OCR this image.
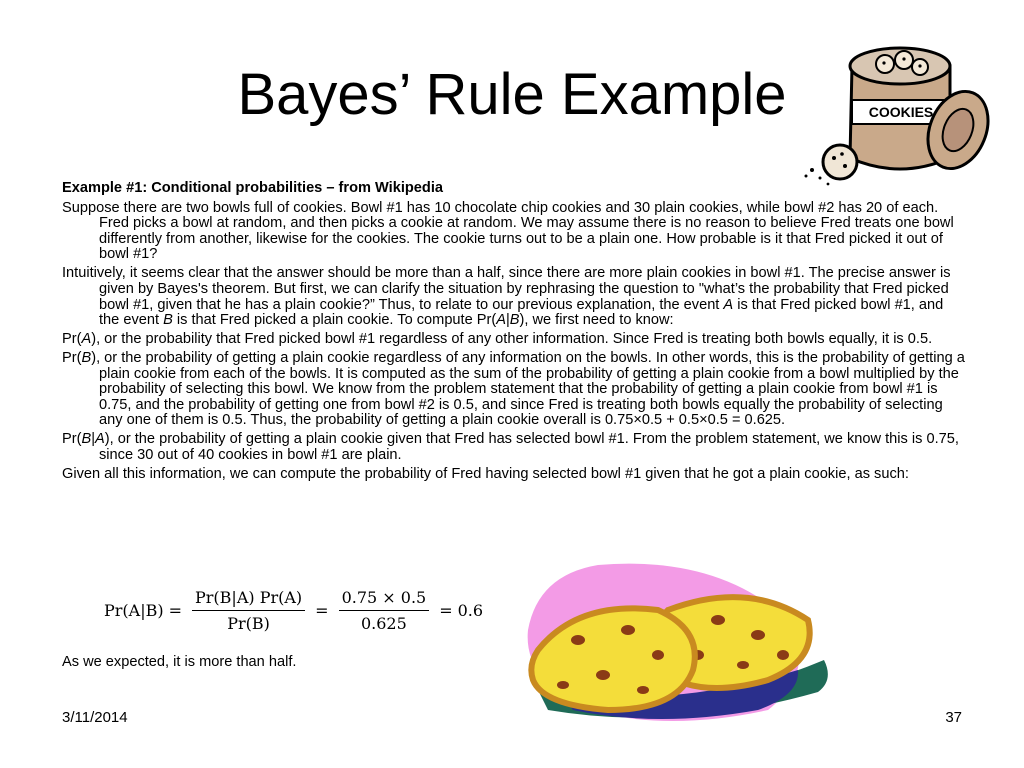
Bayes’ Rule Example	COOKIES

Example #1: Conditional probabilities – from Wikipedia

Suppose there are two bowls full of cookies. Bowl #1 has 10 chocolate chip cookies and 30 plain cookies, while bowl #2 has 20 of each. Fred picks a bowl at random, and then picks a cookie at random. We may assume there is no reason to believe Fred treats one bowl differently from another, likewise for the cookies. The cookie turns out to be a plain one. How probable is it that Fred picked it out of bowl #1?

Intuitively, it seems clear that the answer should be more than a half, since there are more plain cookies in bowl #1. The precise answer is given by Bayes's theorem. But first, we can clarify the situation by rephrasing the question to "what’s the probability that Fred picked bowl #1, given that he has a plain cookie?” Thus, to relate to our previous explanation, the event A is that Fred picked bowl #1, and the event B is that Fred picked a plain cookie. To compute Pr(A|B), we first need to know:

Pr(A), or the probability that Fred picked bowl #1 regardless of any other information. Since Fred is treating both bowls equally, it is 0.5.

Pr(B), or the probability of getting a plain cookie regardless of any information on the bowls. In other words, this is the probability of getting a plain cookie from each of the bowls. It is computed as the sum of the probability of getting a plain cookie from a bowl multiplied by the probability of selecting this bowl. We know from the problem statement that the probability of getting a plain cookie from bowl #1 is 0.75, and the probability of getting one from bowl #2 is 0.5, and since Fred is treating both bowls equally the probability of selecting any one of them is 0.5. Thus, the probability of getting a plain cookie overall is 0.75×0.5 + 0.5×0.5 = 0.625.

Pr(B|A), or the probability of getting a plain cookie given that Fred has selected bowl #1. From the problem statement, we know this is 0.75, since 30 out of 40 cookies in bowl #1 are plain.

Given all this information, we can compute the probability of Fred having selected bowl #1 given that he got a plain cookie, as such:

$Pr(A|B) = \frac{Pr(B|A) Pr(A)}{Pr(B)} = \frac{0.75 \times 0.5}{0.625} = 0.6$
As we expected, it is more than half.
3/11/2014	37
